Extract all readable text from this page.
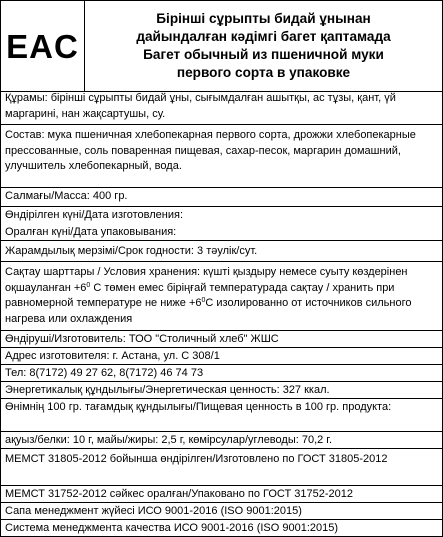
EAC
Бірінші сұрыпты бидай ұнынан
дайындалған кәдімгі багет қаптамада
Багет обычный из пшеничной муки
первого сорта в упаковке
Құрамы: бірінші сұрыпты бидай ұны, сығымдалған ашытқы, ас тұзы, қант, үй маргарині, нан жақсартушы, су.
Состав: мука пшеничная хлебопекарная первого сорта, дрожжи хлебопекарные прессованные, соль поваренная пищевая, сахар-песок, маргарин домашний, улучшитель хлебопекарный, вода.
Салмағы/Масса: 400 гр.
Өндірілген күні/Дата изготовления:
Оралған күні/Дата упаковывания:
Жарамдылық мерзімі/Срок годности: 3 тәулік/сут.
Сақтау шарттары / Условия хранения: күшті қыздыру немесе суыту көздерінен оқшауланған $+6^0$ С төмен емес біріңғай температурада сақтау / хранить при равномерной температуре не ниже $+6^0С$ изолированно от источников сильного нагрева или охлаждения
Өндіруші/Изготовитель: ТОО "Столичный хлеб" ЖШС
Адрес изготовителя: г. Астана, ул. С 308/1
Тел: 8(7172) 49 27 62, 8(7172) 46 74 73
Энергетикалық құндылығы/Энергетическая ценность: 327 ккал.
Өнімнің 100 гр. тағамдық құндылығы/Пищевая ценность в 100 гр. продукта:
ақуыз/белки: 10 г, майы/жиры: 2,5 г, көмірсулар/углеводы: 70,2 г.
МЕМСТ 31805-2012 бойынша өндірілген/Изготовлено по ГОСТ 31805-2012
МЕМСТ 31752-2012 сәйкес оралған/Упаковано по ГОСТ 31752-2012
Сапа менеджмент жүйесі ИСО 9001-2016 (ISO 9001:2015)
Система менеджмента качества ИСО 9001-2016 (ISO 9001:2015)
